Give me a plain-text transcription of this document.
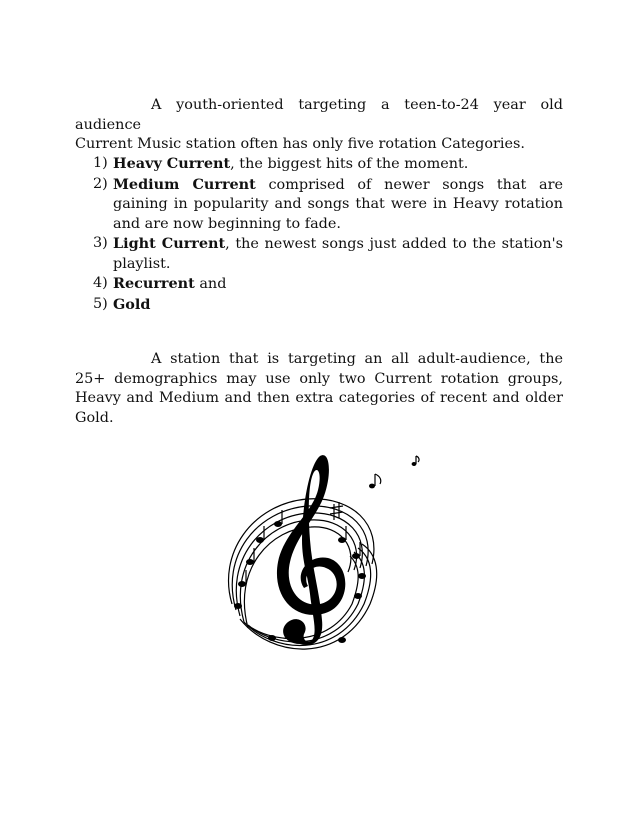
A youth-oriented targeting a teen-to-24 year old audience
Current Music station often has only five rotation Categories.
1) Heavy Current, the biggest hits of the moment.
2) Medium Current comprised of newer songs that are gaining in popularity and songs that were in Heavy rotation and are now beginning to fade.
3) Light Current, the newest songs just added to the station's playlist.
4) Recurrent and
5) Gold
A station that is targeting an all adult-audience, the 25+ demographics may use only two Current rotation groups, Heavy and Medium and then extra categories of recent and older Gold.
